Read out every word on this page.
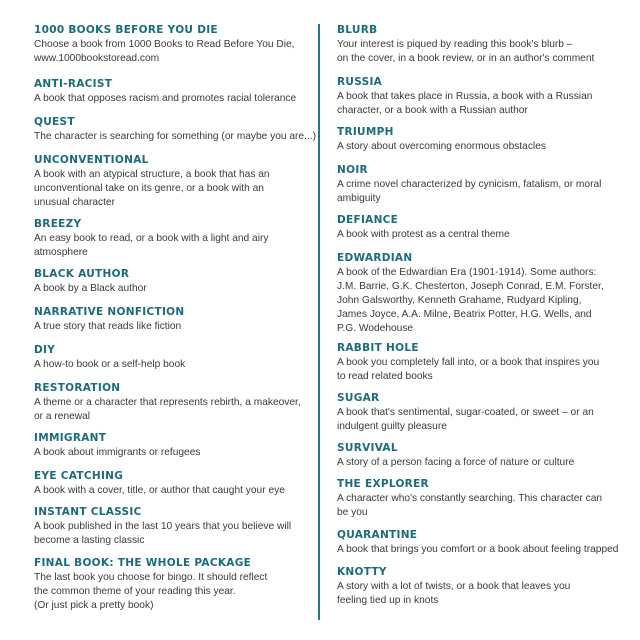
1000 BOOKS BEFORE YOU DIE
Choose a book from 1000 Books to Read Before You Die,
www.1000bookstoread.com
ANTI-RACIST
A book that opposes racism and promotes racial tolerance
QUEST
The character is searching for something (or maybe you are...)
UNCONVENTIONAL
A book with an atypical structure, a book that has an
unconventional take on its genre, or a book with an
unusual character
BREEZY
An easy book to read, or a book with a light and airy
atmosphere
BLACK AUTHOR
A book by a Black author
NARRATIVE NONFICTION
A true story that reads like fiction
DIY
A how-to book or a self-help book
RESTORATION
A theme or a character that represents rebirth, a makeover,
or a renewal
IMMIGRANT
A book about immigrants or refugees
EYE CATCHING
A book with a cover, title, or author that caught your eye
INSTANT CLASSIC
A book published in the last 10 years that you believe will
become a lasting classic
FINAL BOOK: THE WHOLE PACKAGE
The last book you choose for bingo. It should reflect
the common theme of your reading this year.
(Or just pick a pretty book)
BLURB
Your interest is piqued by reading this book's blurb –
on the cover, in a book review, or in an author's comment
RUSSIA
A book that takes place in Russia, a book with a Russian
character, or a book with a Russian author
TRIUMPH
A story about overcoming enormous obstacles
NOIR
A crime novel characterized by cynicism, fatalism, or moral
ambiguity
DEFIANCE
A book with protest as a central theme
EDWARDIAN
A book of the Edwardian Era (1901-1914). Some authors:
J.M. Barrie, G.K. Chesterton, Joseph Conrad, E.M. Forster,
John Galsworthy, Kenneth Grahame, Rudyard Kipling,
James Joyce, A.A. Milne, Beatrix Potter, H.G. Wells, and
P.G. Wodehouse
RABBIT HOLE
A book you completely fall into, or a book that inspires you
to read related books
SUGAR
A book that's sentimental, sugar-coated, or sweet – or an
indulgent guilty pleasure
SURVIVAL
A story of a person facing a force of nature or culture
THE EXPLORER
A character who's constantly searching. This character can
be you
QUARANTINE
A book that brings you comfort or a book about feeling trapped
KNOTTY
A story with a lot of twists, or a book that leaves you
feeling tied up in knots
